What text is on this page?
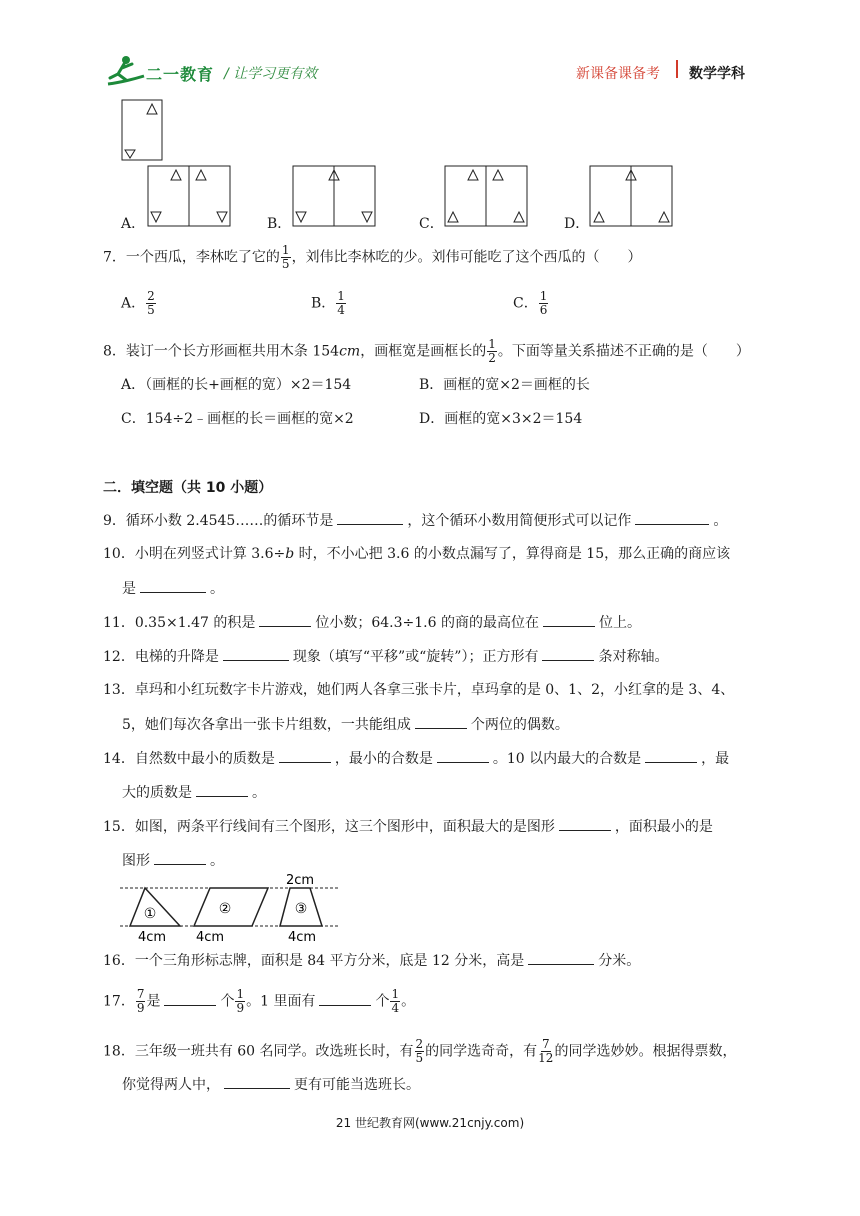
二一教育 / 让学习更有效	新课备课备考 数学学科
A．	B．	C．	D．
7．一个西瓜，李林吃了它的 $\frac{1}{5}$ ，刘伟比李林吃的少。刘伟可能吃了这个西瓜的（　　）
A． $\frac{2}{5}$	B． $\frac{1}{4}$	C． $\frac{1}{6}$
8．装订一个长方形画框共用木条 154cm，画框宽是画框长的 $\frac{1}{2}$ 。下面等量关系描述不正确的是（　　）
A．（画框的长+画框的宽）×2＝154	B．画框的宽×2＝画框的长
C．154÷2﹣画框的长＝画框的宽×2	D．画框的宽×3×2＝154
二．填空题（共 10 小题）
9．循环小数 2.4545……的循环节是	，这个循环小数用简便形式可以记作	。
10．小明在列竖式计算 3.6÷b 时，不小心把 3.6 的小数点漏写了，算得商是 15，那么正确的商应该
是	。
11．0.35×1.47 的积是	位小数；64.3÷1.6 的商的最高位在	位上。
12．电梯的升降是	现象（填写“平移”或“旋转”）；正方形有	条对称轴。
13．卓玛和小红玩数字卡片游戏，她们两人各拿三张卡片，卓玛拿的是 0、1、2，小红拿的是 3、4、
5，她们每次各拿出一张卡片组数，一共能组成	个两位的偶数。
14．自然数中最小的质数是	，最小的合数是	。10 以内最大的合数是	，最
大的质数是	。
15．如图，两条平行线间有三个图形，这三个图形中，面积最大的是图形	，面积最小的是
图形	。
①	②	③
2cm
4cm 4cm	4cm
16．一个三角形标志牌，面积是 84 平方分米，底是 12 分米，高是	分米。
17． $\frac{7}{9}$ 是	个 $\frac{1}{9}$ 。1 里面有	个 $\frac{1}{4}$ 。
18．三年级一班共有 60 名同学。改选班长时，有 $\frac{2}{5}$ 的同学选奇奇，有 $\frac{7}{12}$ 的同学选妙妙。根据得票数，
你觉得两人中，	更有可能当选班长。
21 世纪教育网(www.21cnjy.com)
